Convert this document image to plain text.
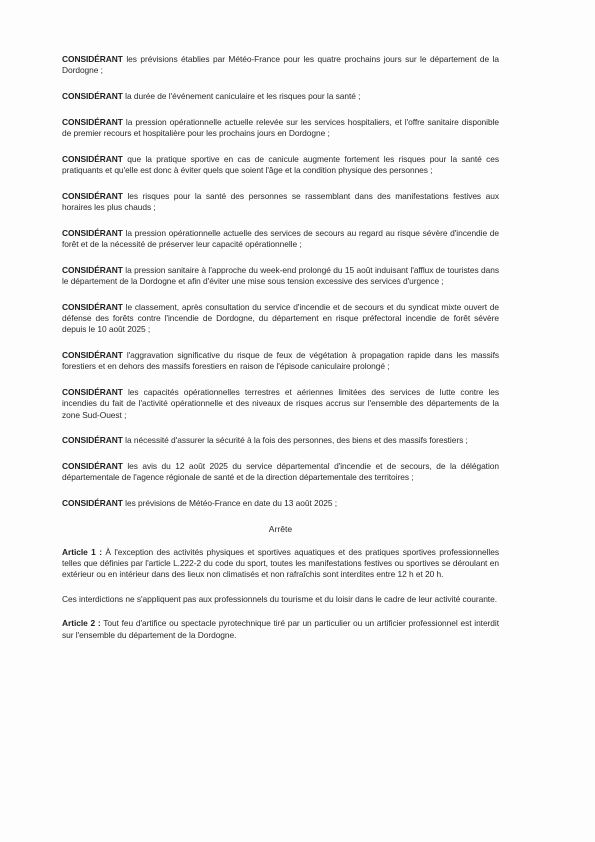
CONSIDÉRANT les prévisions établies par Météo-France pour les quatre prochains jours sur le département de la Dordogne ;

CONSIDÉRANT la durée de l'événement caniculaire et les risques pour la santé ;

CONSIDÉRANT la pression opérationnelle actuelle relevée sur les services hospitaliers, et l'offre sanitaire disponible de premier recours et hospitalière pour les prochains jours en Dordogne ;

CONSIDÉRANT que la pratique sportive en cas de canicule augmente fortement les risques pour la santé ces pratiquants et qu'elle est donc à éviter quels que soient l'âge et la condition physique des personnes ;

CONSIDÉRANT les risques pour la santé des personnes se rassemblant dans des manifestations festives aux horaires les plus chauds ;

CONSIDÉRANT la pression opérationnelle actuelle des services de secours au regard au risque sévère d'incendie de forêt et de la nécessité de préserver leur capacité opérationnelle ;

CONSIDÉRANT la pression sanitaire à l'approche du week-end prolongé du 15 août induisant l'afflux de touristes dans le département de la Dordogne et afin d'éviter une mise sous tension excessive des services d'urgence ;

CONSIDÉRANT le classement, après consultation du service d'incendie et de secours et du syndicat mixte ouvert de défense des forêts contre l'incendie de Dordogne, du département en risque préfectoral incendie de forêt sévère depuis le 10 août 2025 ;

CONSIDÉRANT l'aggravation significative du risque de feux de végétation à propagation rapide dans les massifs forestiers et en dehors des massifs forestiers en raison de l'épisode caniculaire prolongé ;

CONSIDÉRANT les capacités opérationnelles terrestres et aériennes limitées des services de lutte contre les incendies du fait de l'activité opérationnelle et des niveaux de risques accrus sur l'ensemble des départements de la zone Sud-Ouest ;

CONSIDÉRANT la nécessité d'assurer la sécurité à la fois des personnes, des biens et des massifs forestiers ;

CONSIDÉRANT les avis du 12 août 2025 du service départemental d'incendie et de secours, de la délégation départementale de l'agence régionale de santé et de la direction départementale des territoires ;

CONSIDÉRANT les prévisions de Météo-France en date du 13 août 2025 ;

Arrête

Article 1 : À l'exception des activités physiques et sportives aquatiques et des pratiques sportives professionnelles telles que définies par l'article L.222-2 du code du sport, toutes les manifestations festives ou sportives se déroulant en extérieur ou en intérieur dans des lieux non climatisés et non rafraîchis sont interdites entre 12 h et 20 h.

Ces interdictions ne s'appliquent pas aux professionnels du tourisme et du loisir dans le cadre de leur activité courante.

Article 2 : Tout feu d'artifice ou spectacle pyrotechnique tiré par un particulier ou un artificier professionnel est interdit sur l'ensemble du département de la Dordogne.
